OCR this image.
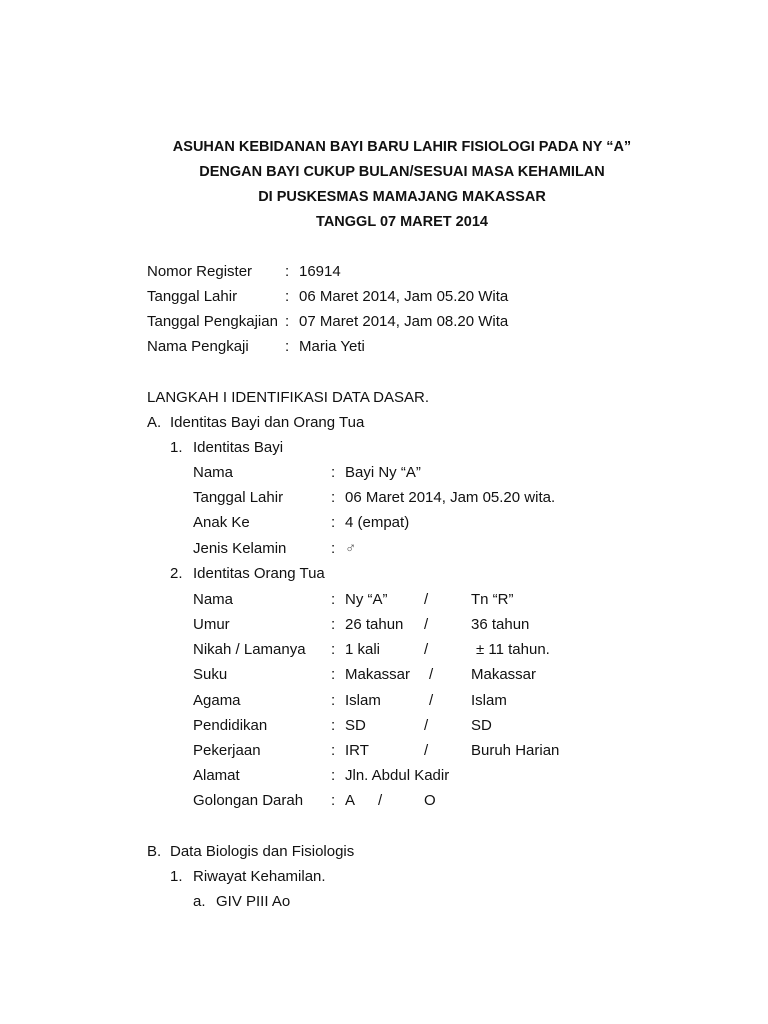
ASUHAN KEBIDANAN BAYI BARU LAHIR FISIOLOGI PADA NY “A”
DENGAN BAYI CUKUP BULAN/SESUAI MASA KEHAMILAN
DI PUSKESMAS MAMAJANG MAKASSAR
TANGGL 07 MARET 2014
Nomor Register : 16914
Tanggal Lahir	: 06 Maret 2014, Jam 05.20 Wita
Tanggal Pengkajian : 07 Maret 2014, Jam 08.20 Wita
Nama Pengkaji : Maria Yeti
LANGKAH I IDENTIFIKASI DATA DASAR.
A. Identitas Bayi dan Orang Tua
1. Identitas Bayi
Nama	: Bayi Ny “A”
Tanggal Lahir	: 06 Maret 2014, Jam 05.20 wita.
Anak Ke	: 4 (empat)
Jenis Kelamin	: ♂
2. Identitas Orang Tua
Nama	: Ny “A” /	Tn “R”
Umur	: 26 tahun /	36 tahun
Nikah / Lamanya : 1 kali	/	± 11 tahun.
Suku	: Makassar /	Makassar
Agama	: Islam	/	Islam
Pendidikan	: SD	/	SD
Pekerjaan	: IRT	/	Buruh Harian
Alamat	: Jln. Abdul Kadir
Golongan Darah : A /	O
B. Data Biologis dan Fisiologis
1. Riwayat Kehamilan.
a. GIV PIII Ao
